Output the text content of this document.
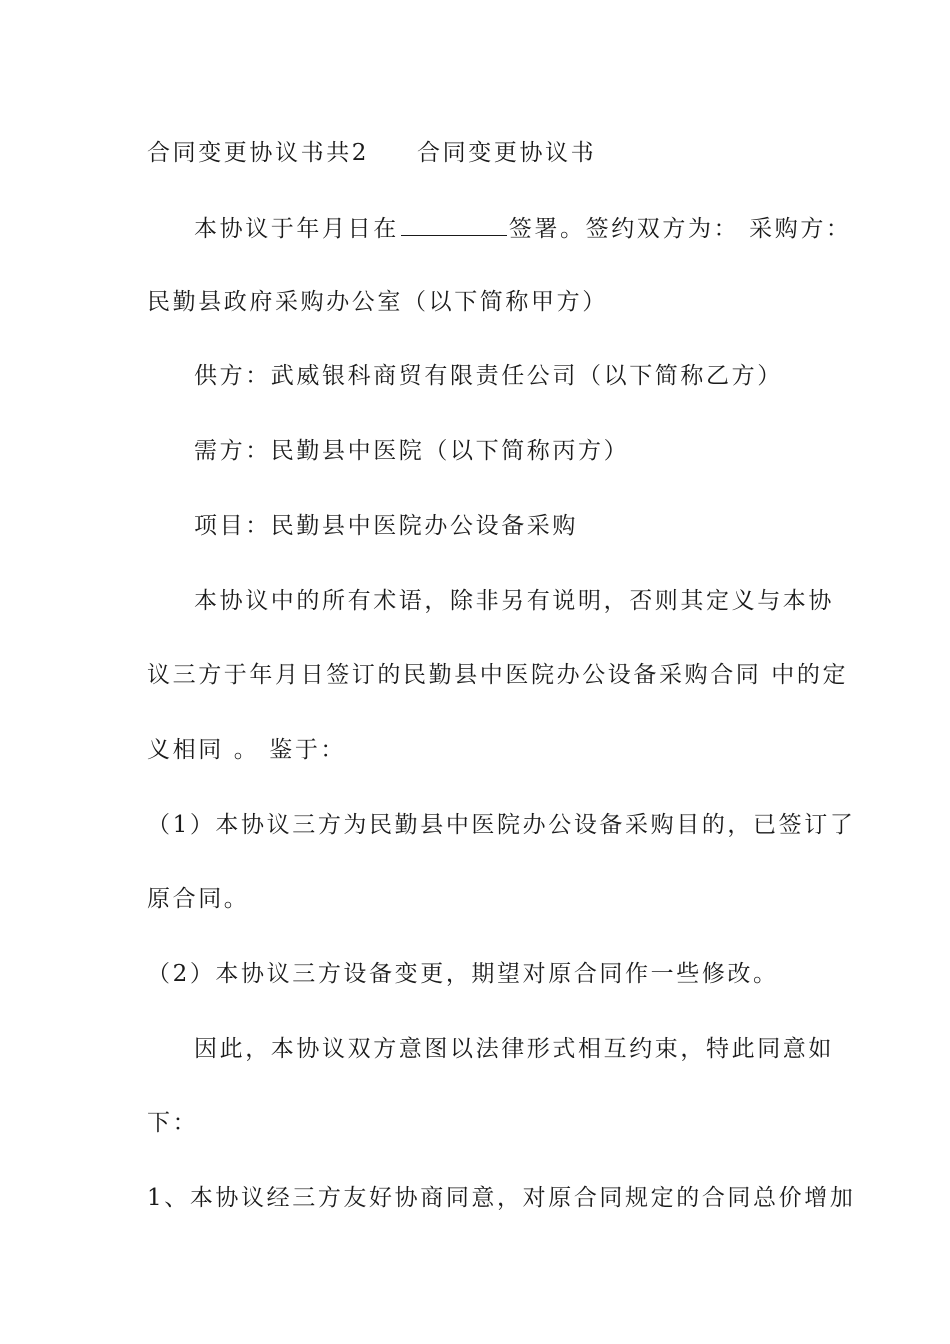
合同变更协议书共2 合同变更协议书
本协议于年月日在	签署。签约双方为： 采购方：
民勤县政府采购办公室（以下简称甲方）
供方：武威银科商贸有限责任公司（以下简称乙方）
需方：民勤县中医院（以下简称丙方）
项目：民勤县中医院办公设备采购
本协议中的所有术语，除非另有说明，否则其定义与本协
议三方于年月日签订的民勤县中医院办公设备采购合同 中的定
义相同 。 鉴于：
（1）本协议三方为民勤县中医院办公设备采购目的，已签订了
原合同。
（2）本协议三方设备变更，期望对原合同作一些修改。
因此，本协议双方意图以法律形式相互约束，特此同意如
下：
1、本协议经三方友好协商同意，对原合同规定的合同总价增加
